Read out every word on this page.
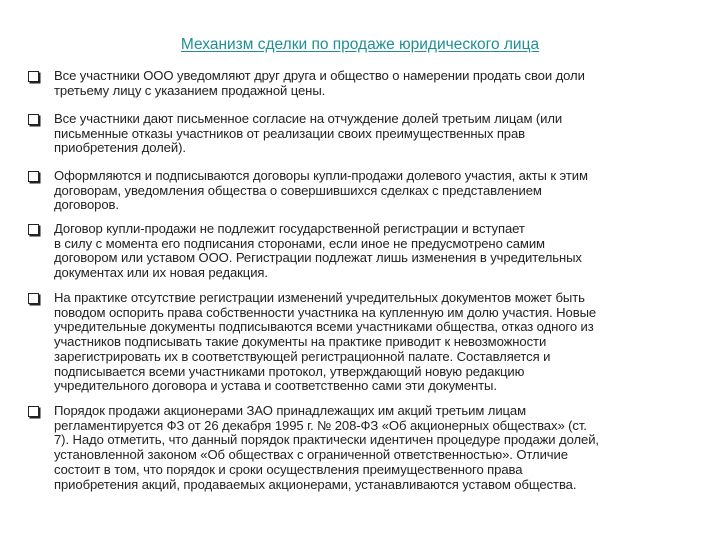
Механизм сделки по продаже юридического лица
Все участники ООО уведомляют друг друга и общество о намерении продать свои доли
третьему лицу с указанием продажной цены.
Все участники дают письменное согласие на отчуждение долей третьим лицам (или
письменные отказы участников от реализации своих преимущественных прав
приобретения долей).
Оформляются и подписываются договоры купли-продажи долевого участия, акты к этим
договорам, уведомления общества о совершившихся сделках с представлением
договоров.
Договор купли-продажи не подлежит государственной регистрации и вступает
в силу с момента его подписания сторонами, если иное не предусмотрено самим
договором или уставом ООО. Регистрации подлежат лишь изменения в учредительных
документах или их новая редакция.
На практике отсутствие регистрации изменений учредительных документов может быть
поводом оспорить права собственности участника на купленную им долю участия. Новые
учредительные документы подписываются всеми участниками общества, отказ одного из
участников подписывать такие документы на практике приводит к невозможности
зарегистрировать их в соответствующей регистрационной палате. Составляется и
подписывается всеми участниками протокол, утверждающий новую редакцию
учредительного договора и устава и соответственно сами эти документы.
Порядок продажи акционерами ЗАО принадлежащих им акций третьим лицам
регламентируется ФЗ от 26 декабря 1995 г. № 208-ФЗ «Об акционерных обществах» (ст.
7). Надо отметить, что данный порядок практически идентичен процедуре продажи долей,
установленной законом «Об обществах с ограниченной ответственностью». Отличие
состоит в том, что порядок и сроки осуществления преимущественного права
приобретения акций, продаваемых акционерами, устанавливаются уставом общества.
